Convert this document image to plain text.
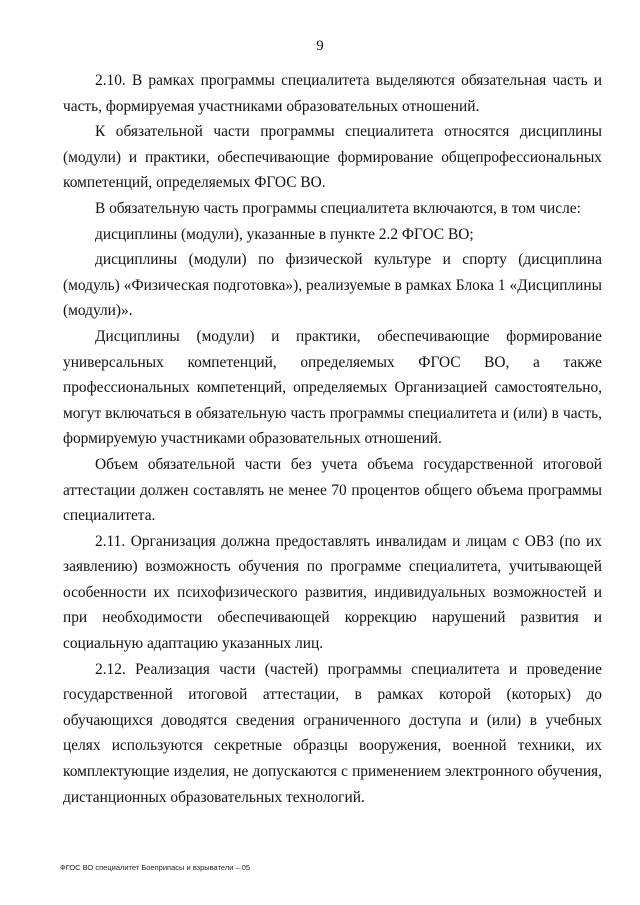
9

2.10. В рамках программы специалитета выделяются обязательная часть и часть, формируемая участниками образовательных отношений.

К обязательной части программы специалитета относятся дисциплины (модули) и практики, обеспечивающие формирование общепрофессиональных компетенций, определяемых ФГОС ВО.

В обязательную часть программы специалитета включаются, в том числе:

дисциплины (модули), указанные в пункте 2.2 ФГОС ВО;

дисциплины (модули) по физической культуре и спорту (дисциплина (модуль) «Физическая подготовка»), реализуемые в рамках Блока 1 «Дисциплины (модули)».

Дисциплины (модули) и практики, обеспечивающие формирование универсальных компетенций, определяемых ФГОС ВО, а также профессиональных компетенций, определяемых Организацией самостоятельно, могут включаться в обязательную часть программы специалитета и (или) в часть, формируемую участниками образовательных отношений.

Объем обязательной части без учета объема государственной итоговой аттестации должен составлять не менее 70 процентов общего объема программы специалитета.

2.11. Организация должна предоставлять инвалидам и лицам с ОВЗ (по их заявлению) возможность обучения по программе специалитета, учитывающей особенности их психофизического развития, индивидуальных возможностей и при необходимости обеспечивающей коррекцию нарушений развития и социальную адаптацию указанных лиц.

2.12. Реализация части (частей) программы специалитета и проведение государственной итоговой аттестации, в рамках которой (которых) до обучающихся доводятся сведения ограниченного доступа и (или) в учебных целях используются секретные образцы вооружения, военной техники, их комплектующие изделия, не допускаются с применением электронного обучения, дистанционных образовательных технологий.

ФГОС ВО специалитет Боеприпасы и взрыватели – 05
